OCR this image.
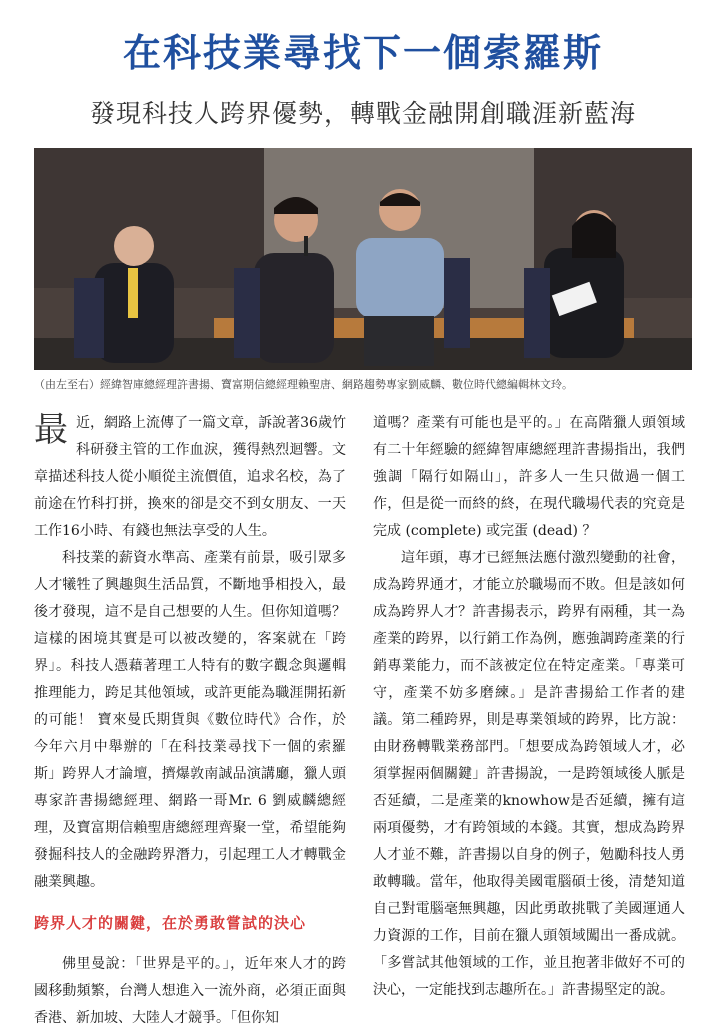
在科技業尋找下一個索羅斯
發現科技人跨界優勢，轉戰金融開創職涯新藍海
（由左至右）經緯智庫總經理許書揚、寶富期信總經理賴聖唐、網路趨勢專家劉威麟、數位時代總編輯林文玲。

最近，網路上流傳了一篇文章，訴說著36歲竹科研發主管的工作血淚，獲得熱烈迴響。文章描述科技人從小順從主流價值，追求名校，為了前途在竹科打拼，換來的卻是交不到女朋友、一天工作16小時、有錢也無法享受的人生。

科技業的薪資水準高、產業有前景，吸引眾多人才犧牲了興趣與生活品質，不斷地爭相投入，最後才發現，這不是自己想要的人生。但你知道嗎？這樣的困境其實是可以被改變的，客案就在「跨界」。科技人憑藉著理工人特有的數字觀念與邏輯推理能力，跨足其他領域，或許更能為職涯開拓新的可能！ 寶來曼氏期貨與《數位時代》合作，於今年六月中舉辦的「在科技業尋找下一個的索羅斯」跨界人才論壇，擠爆敦南誠品演講廳，獵人頭專家許書揚總經理、網路一哥Mr. 6 劉威麟總經理，及寶富期信賴聖唐總經理齊聚一堂，希望能夠發掘科技人的金融跨界潛力，引起理工人才轉戰金融業興趣。

跨界人才的關鍵，在於勇敢嘗試的決心

佛里曼說：「世界是平的。」，近年來人才的跨國移動頻繁，台灣人想進入一流外商，必須正面與香港、新加坡、大陸人才競爭。「但你知

道嗎？產業有可能也是平的。」在高階獵人頭領域有二十年經驗的經緯智庫總經理許書揚指出，我們強調「隔行如隔山」，許多人一生只做過一個工作，但是從一而終的終，在現代職場代表的究竟是完成 (complete) 或完蛋 (dead) ？

這年頭，專才已經無法應付激烈變動的社會，成為跨界通才，才能立於職場而不敗。但是該如何成為跨界人才？許書揚表示，跨界有兩種，其一為產業的跨界，以行銷工作為例，應強調跨產業的行銷專業能力，而不該被定位在特定產業。「專業可守，產業不妨多磨練。」是許書揚給工作者的建議。第二種跨界，則是專業領域的跨界，比方說：由財務轉戰業務部門。「想要成為跨領域人才，必須掌握兩個關鍵」許書揚說，一是跨領域後人脈是否延續，二是產業的knowhow是否延續，擁有這兩項優勢，才有跨領域的本錢。其實，想成為跨界人才並不難，許書揚以自身的例子，勉勵科技人勇敢轉職。當年，他取得美國電腦碩士後，清楚知道自己對電腦毫無興趣，因此勇敢挑戰了美國運通人力資源的工作，目前在獵人頭領域闖出一番成就。「多嘗試其他領域的工作，並且抱著非做好不可的決心，一定能找到志趣所在。」許書揚堅定的說。
